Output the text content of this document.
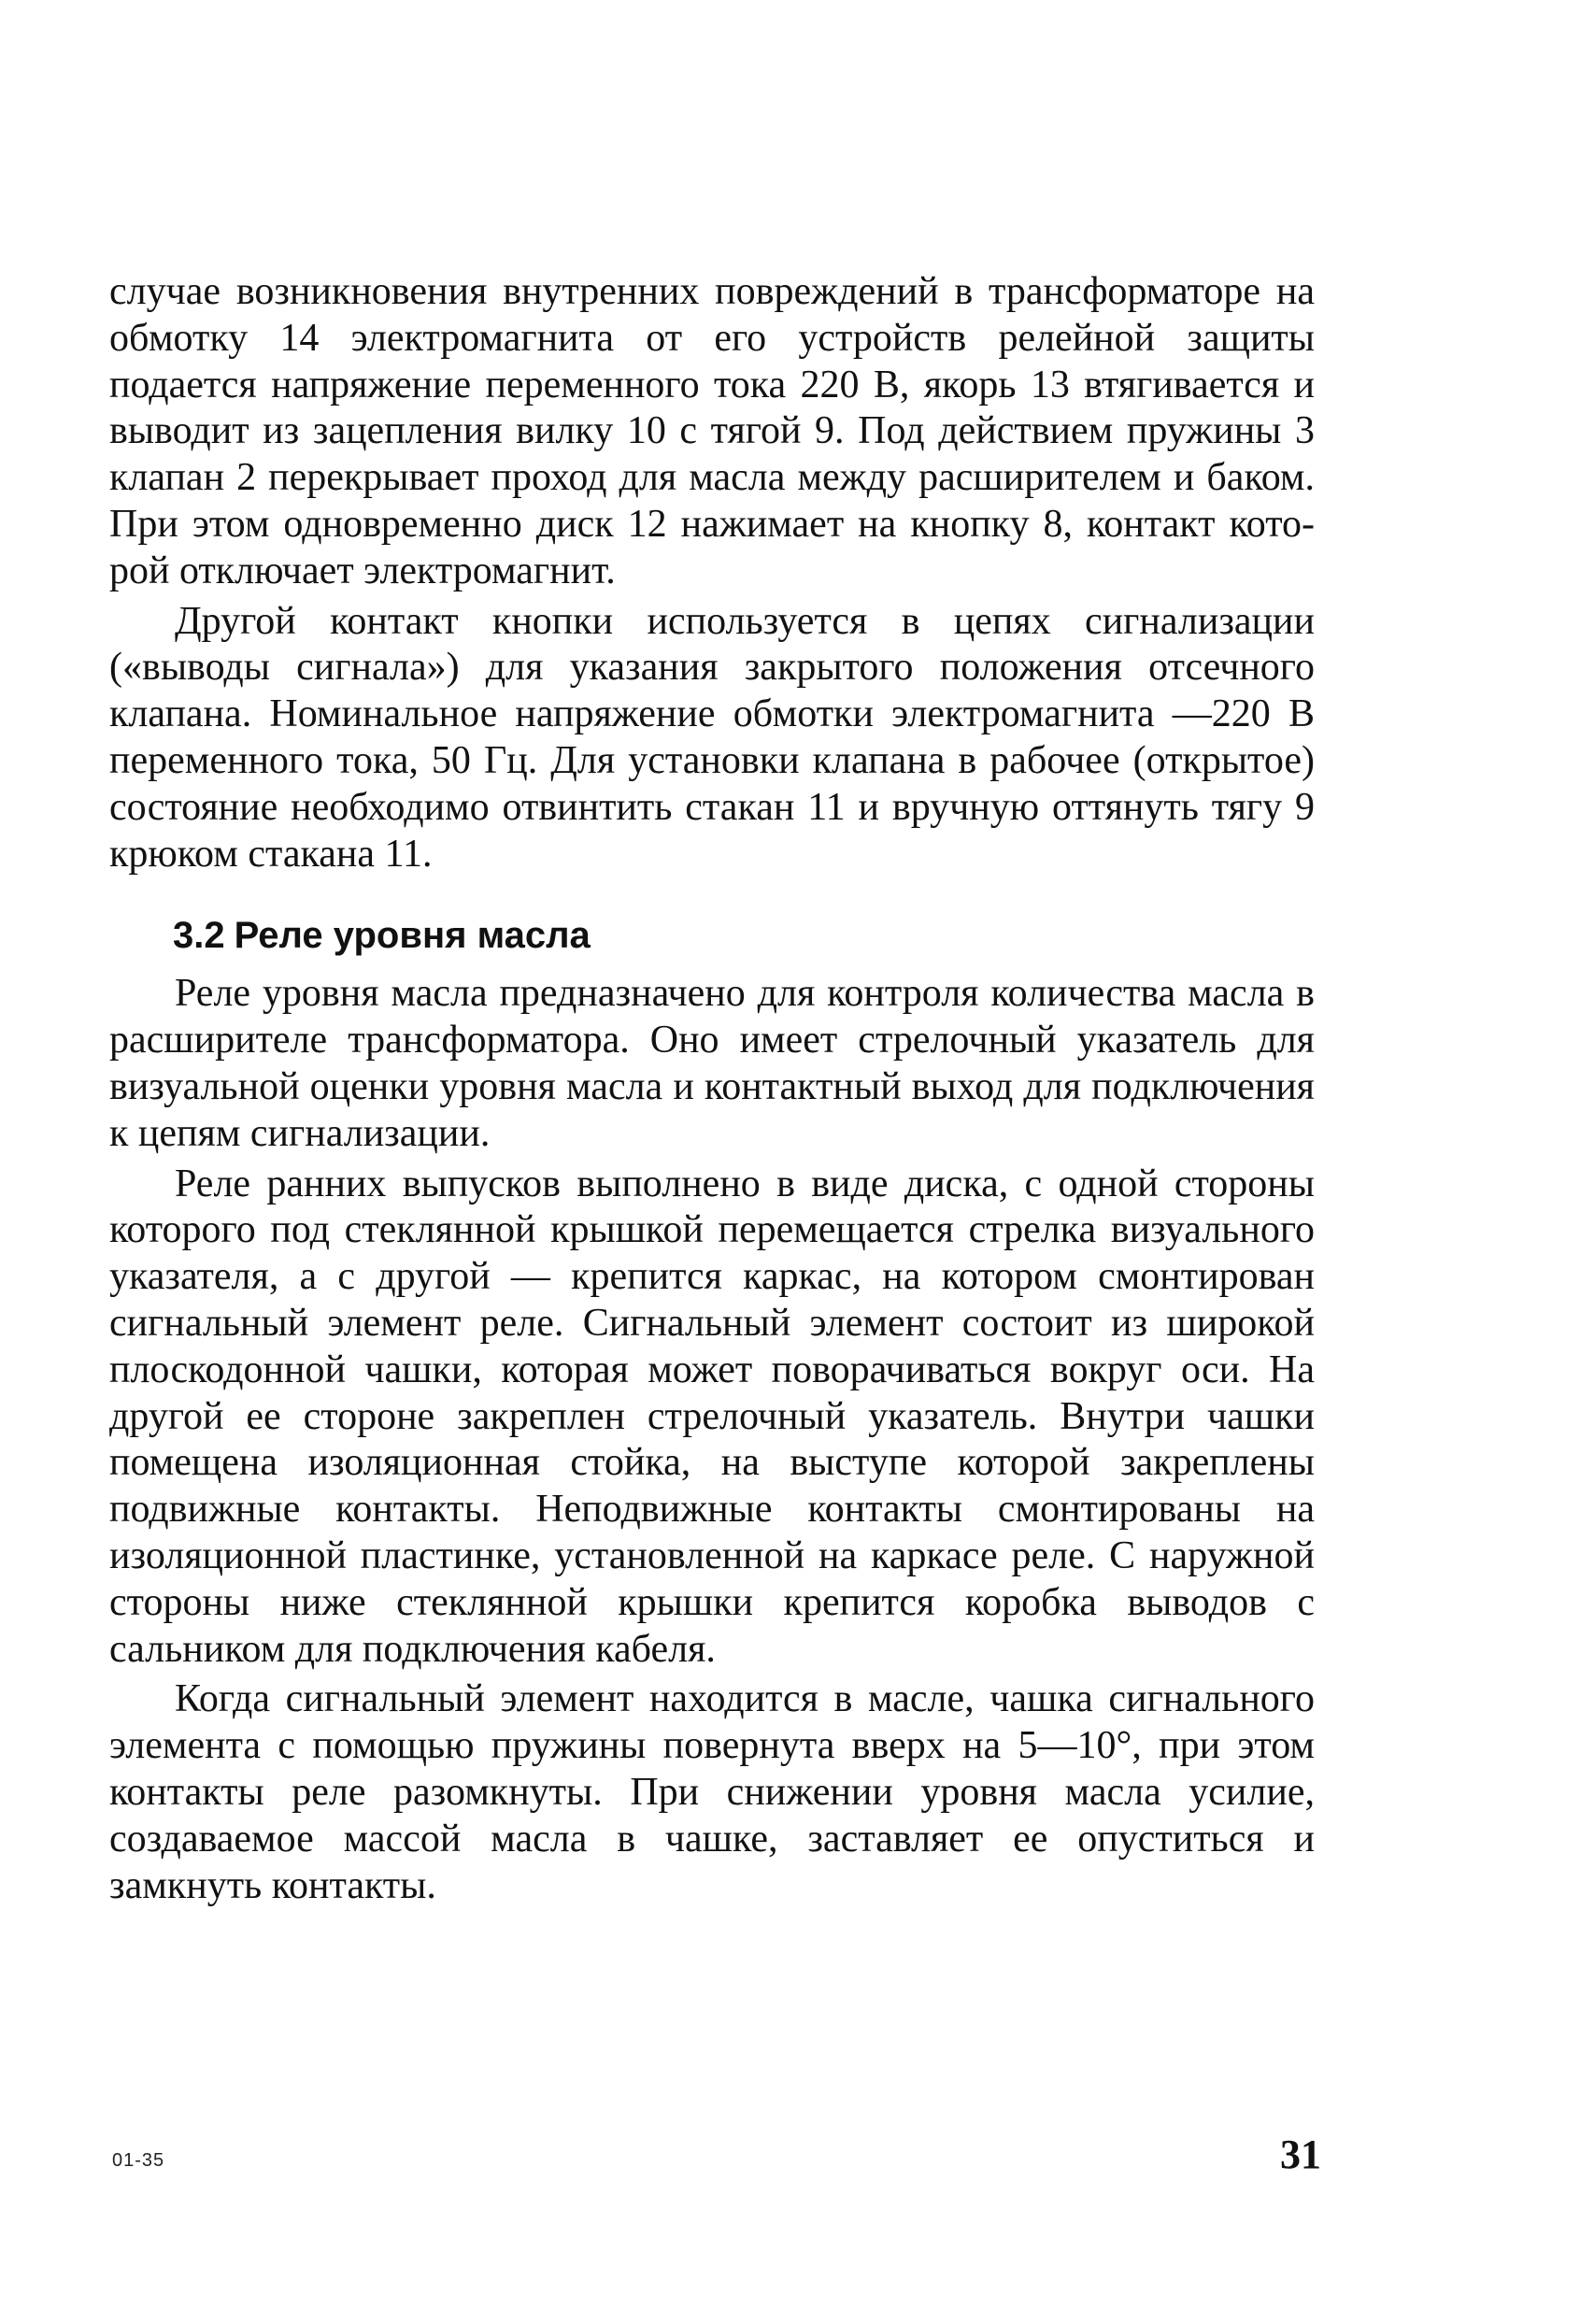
случае возникновения внутренних повреждений в трансформаторе на обмотку 14 электромагнита от его устройств релейной защиты подается напряжение переменного тока 220 В, якорь 13 втягивается и выводит из зацепления вилку 10 с тягой 9. Под действием пружины 3 клапан 2 перекрывает проход для масла между расширителем и баком. При этом одновременно диск 12 нажимает на кнопку 8, контакт которой отключает электромагнит.

Другой контакт кнопки используется в цепях сигнализации («выводы сигнала») для указания закрытого положения отсечного клапана. Номинальное напряжение обмотки электромагнита —220 В переменного тока, 50 Гц. Для установки клапана в рабочее (открытое) состояние необходимо отвинтить стакан 11 и вручную оттянуть тягу 9 крюком стакана 11.

3.2 Реле уровня масла

Реле уровня масла предназначено для контроля количества масла в расширителе трансформатора. Оно имеет стрелочный указатель для визуальной оценки уровня масла и контактный выход для подключения к цепям сигнализации.

Реле ранних выпусков выполнено в виде диска, с одной стороны которого под стеклянной крышкой перемещается стрелка визуального указателя, а с другой — крепится каркас, на котором смонтирован сигнальный элемент реле. Сигнальный элемент состоит из широкой плоскодонной чашки, которая может поворачиваться вокруг оси. На другой ее стороне закреплен стрелочный указатель. Внутри чашки помещена изоляционная стойка, на выступе которой закреплены подвижные контакты. Неподвижные контакты смонтированы на изоляционной пластинке, установленной на каркасе реле. С наружной стороны ниже стеклянной крышки крепится коробка выводов с сальником для подключения кабеля.

Когда сигнальный элемент находится в масле, чашка сигнального элемента с помощью пружины повернута вверх на 5—10°, при этом контакты реле разомкнуты. При снижении уровня масла усилие, создаваемое массой масла в чашке, заставляет ее опуститься и замкнуть контакты.

01-35	31
